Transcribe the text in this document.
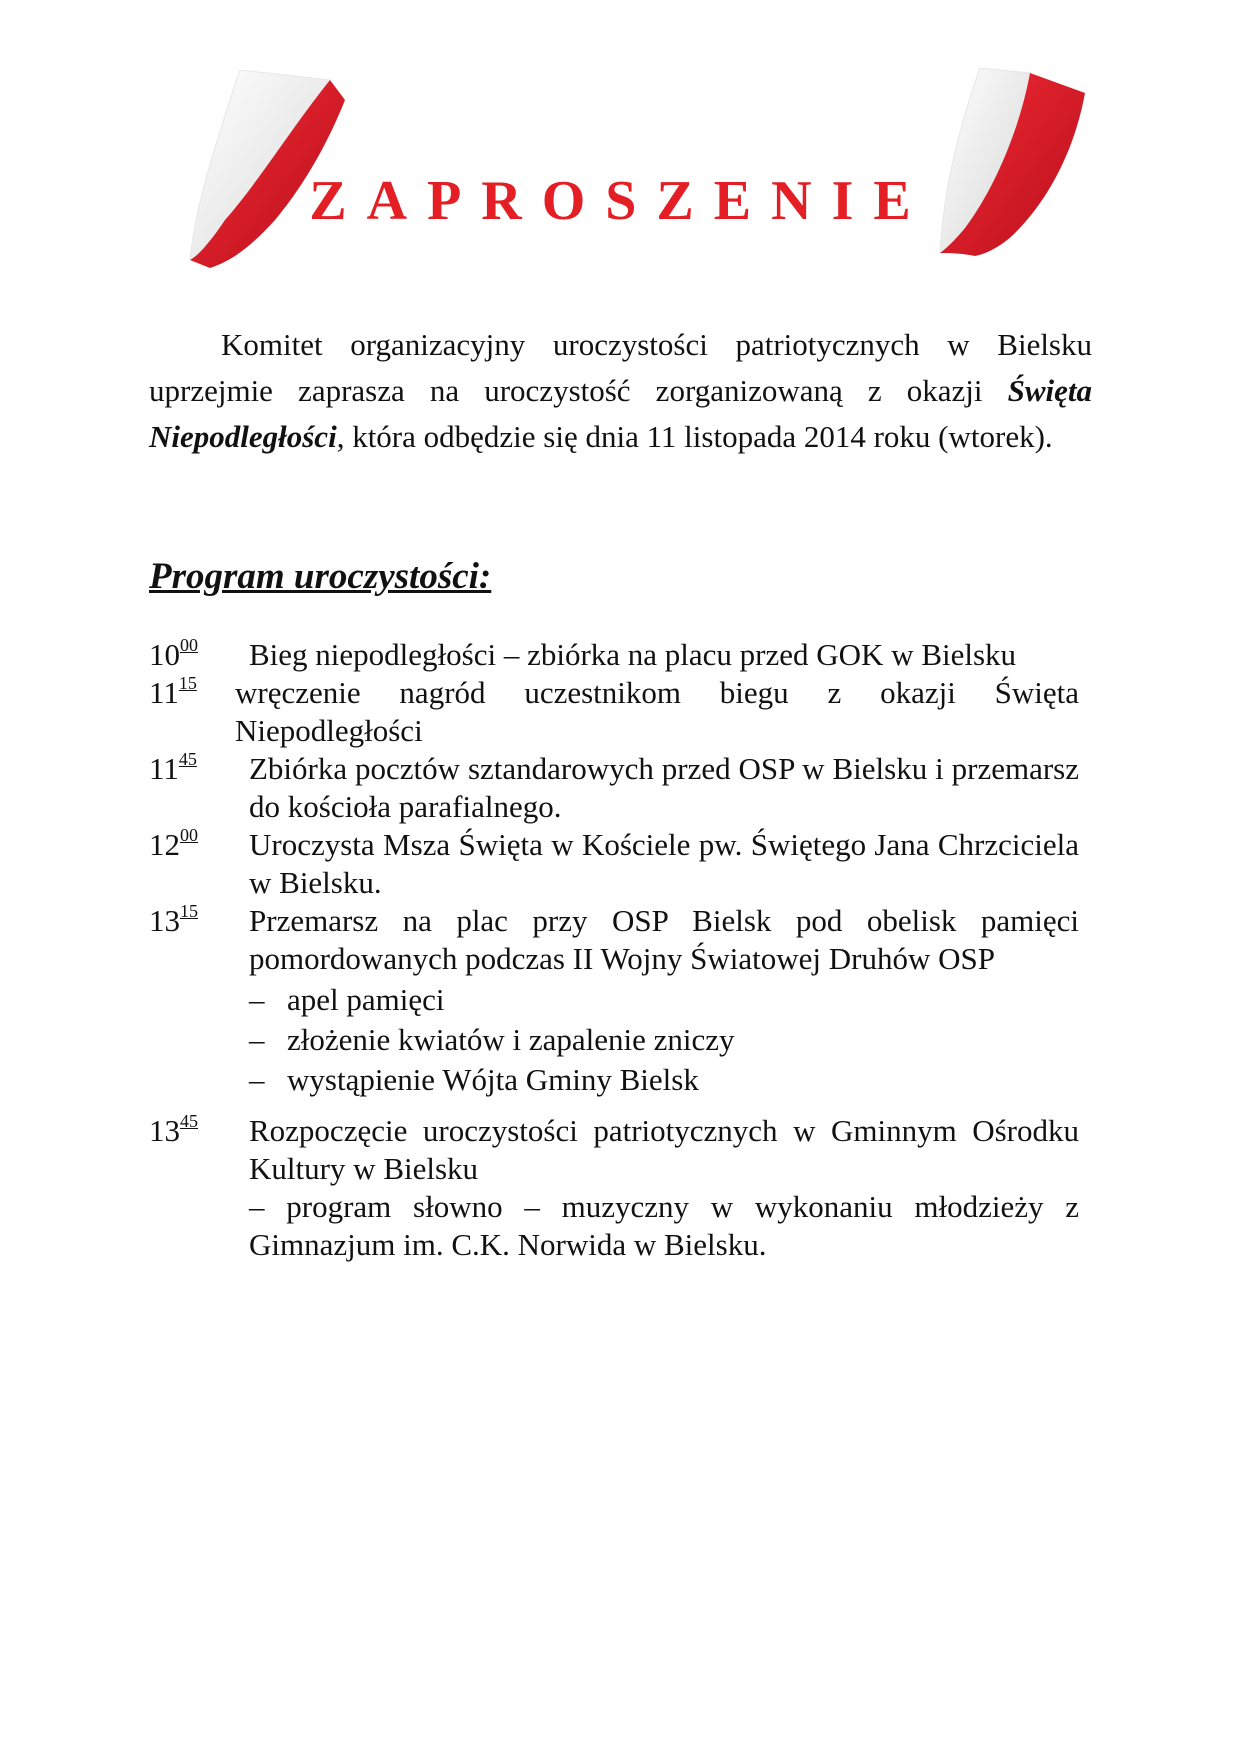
ZAPROSZENIE

Komitet organizacyjny uroczystości patriotycznych w Bielsku uprzejmie zaprasza na uroczystość zorganizowaną z okazji Święta Niepodległości, która odbędzie się dnia 11 listopada 2014 roku (wtorek).

Program uroczystości:
$10^{00}$ Bieg niepodległości – zbiórka na placu przed GOK w Bielsku
$11^{15}$ wręczenie nagród uczestnikom biegu z okazji Święta Niepodległości
$11^{45}$ Zbiórka pocztów sztandarowych przed OSP w Bielsku i przemarsz do kościoła parafialnego.
$12^{00}$ Uroczysta Msza Święta w Kościele pw. Świętego Jana Chrzciciela w Bielsku.
$13^{15}$ Przemarsz na plac przy OSP Bielsk pod obelisk pamięci pomordowanych podczas II Wojny Światowej Druhów OSP
– apel pamięci
– złożenie kwiatów i zapalenie zniczy
– wystąpienie Wójta Gminy Bielsk
$13^{45}$ Rozpoczęcie uroczystości patriotycznych w Gminnym Ośrodku Kultury w Bielsku
– program słowno – muzyczny w wykonaniu młodzieży z Gimnazjum im. C.K. Norwida w Bielsku.
